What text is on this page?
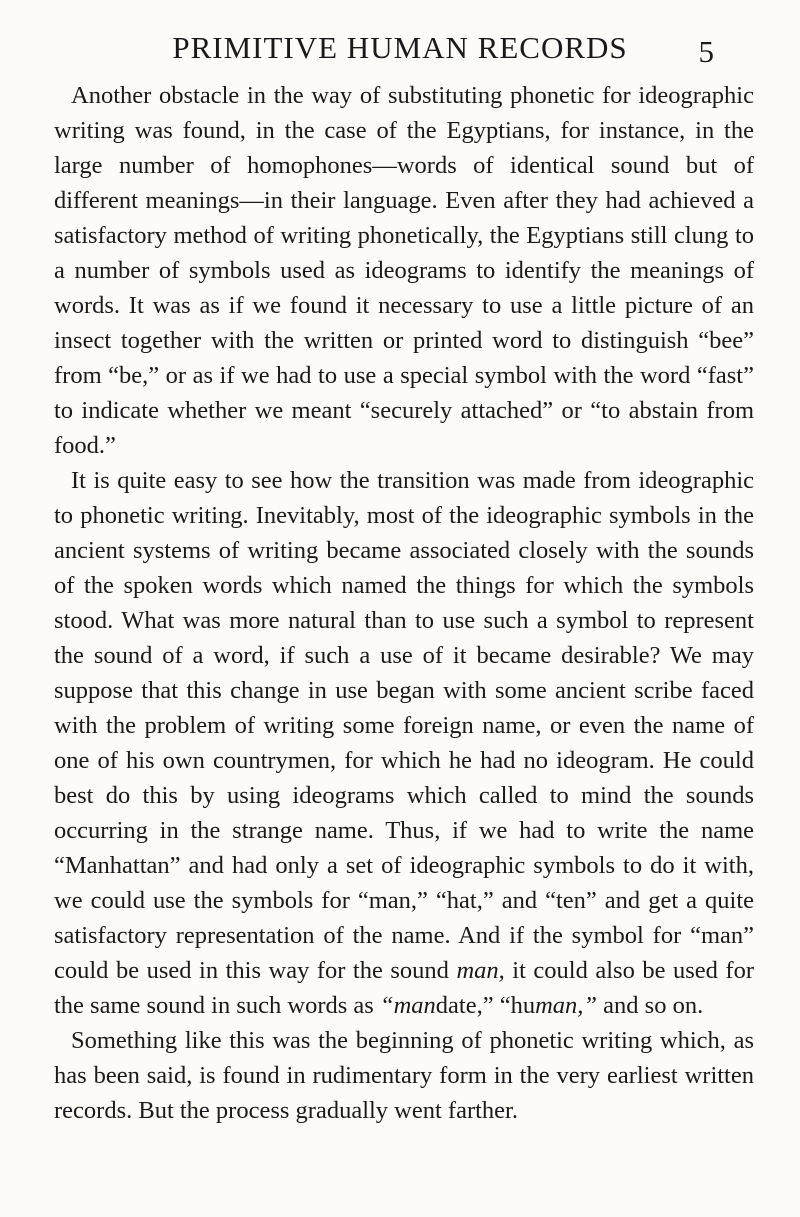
PRIMITIVE HUMAN RECORDS	5

Another obstacle in the way of substituting phonetic for ideographic writing was found, in the case of the Egyptians, for instance, in the large number of homophones—words of identical sound but of different meanings—in their language. Even after they had achieved a satisfactory method of writing phonetically, the Egyptians still clung to a number of symbols used as ideograms to identify the meanings of words. It was as if we found it necessary to use a little picture of an insect together with the written or printed word to distinguish “bee” from “be,” or as if we had to use a special symbol with the word “fast” to indicate whether we meant “securely attached” or “to abstain from food.”

It is quite easy to see how the transition was made from ideographic to phonetic writing. Inevitably, most of the ideographic symbols in the ancient systems of writing became associated closely with the sounds of the spoken words which named the things for which the symbols stood. What was more natural than to use such a symbol to represent the sound of a word, if such a use of it became desirable? We may suppose that this change in use began with some ancient scribe faced with the problem of writing some foreign name, or even the name of one of his own countrymen, for which he had no ideogram. He could best do this by using ideograms which called to mind the sounds occurring in the strange name. Thus, if we had to write the name “Manhattan” and had only a set of ideographic symbols to do it with, we could use the symbols for “man,” “hat,” and “ten” and get a quite satisfactory representation of the name. And if the symbol for “man” could be used in this way for the sound man, it could also be used for the same sound in such words as “mandate,” “human,” and so on.

Something like this was the beginning of phonetic writing which, as has been said, is found in rudimentary form in the very earliest written records. But the process gradually went farther.
